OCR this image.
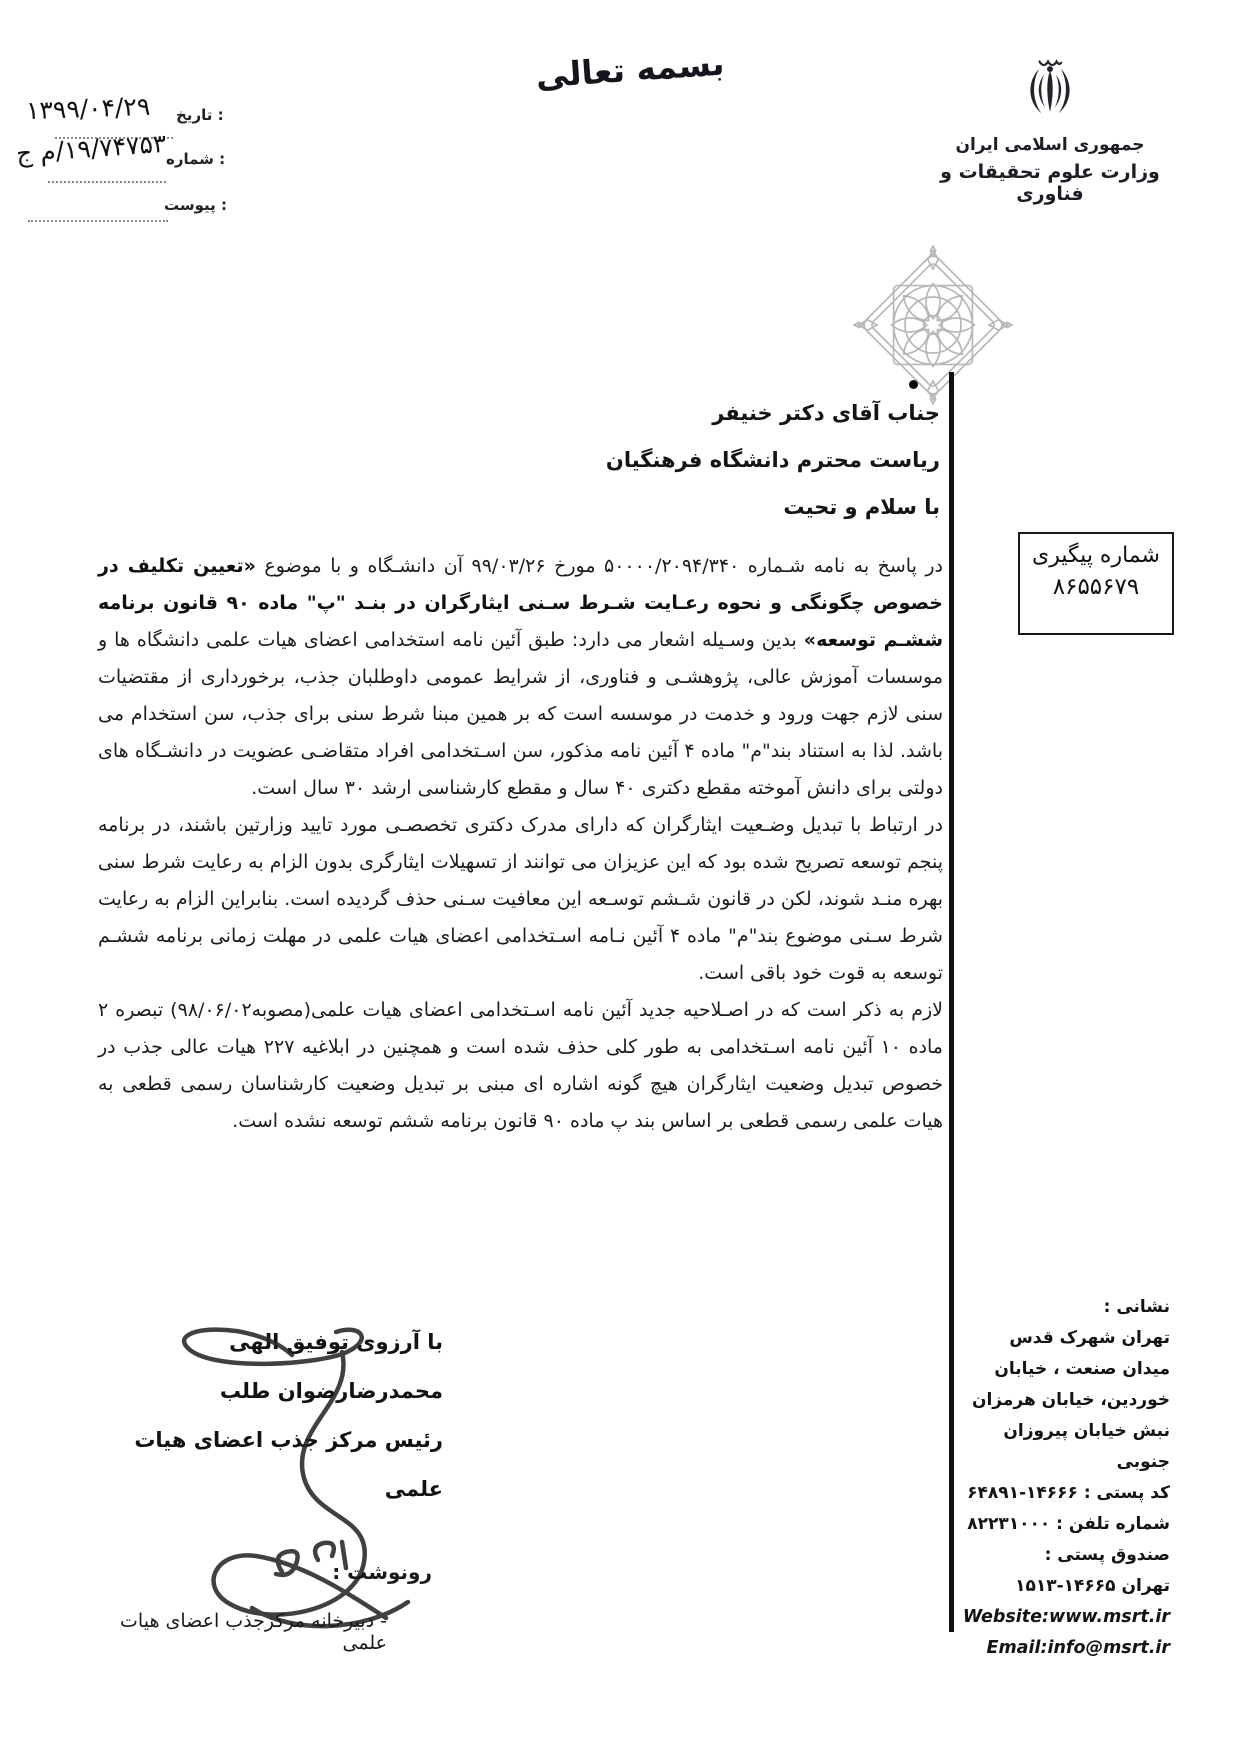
۱۳۹۹/۰۴/۲۹ تاریخ :
۱۹/۷۴۷۵۳/م ج
شماره :
پیوست :
بسمه تعالی
جمهوری اسلامی ایران
وزارت علوم تحقیقات و فناوری
شماره پیگیری
۸۶۵۵۶۷۹
جناب آقای دکتر خنیفر
ریاست محترم دانشگاه فرهنگیان
با سلام و تحیت

در پاسخ به نامه شـماره ۵۰۰۰۰/۲۰۹۴/۳۴۰ مورخ ۹۹/۰۳/۲۶ آن دانشـگاه و با موضوع «تعیین تکلیف در خصوص چگونگی و نحوه رعـایت شـرط سـنی ایثارگران در بنـد "پ" ماده ۹۰ قانون برنامه ششـم توسعه» بدین وسـیله اشعار می دارد: طبق آئین نامه استخدامی اعضای هیات علمی دانشگاه ها و موسسات آموزش عالی، پژوهشـی و فناوری، از شرایط عمومی داوطلبان جذب، برخورداری از مقتضیات سنی لازم جهت ورود و خدمت در موسسه است که بر همین مبنا شرط سنی برای جذب، سن استخدام می باشد. لذا به استناد بند"م" ماده ۴ آئین نامه مذکور، سن اسـتخدامی افراد متقاضـی عضویت در دانشـگاه های دولتی برای دانش آموخته مقطع دکتری ۴۰ سال و مقطع کارشناسی ارشد ۳۰ سال است.

در ارتباط با تبدیل وضـعیت ایثارگران که دارای مدرک دکتری تخصصـی مورد تایید وزارتین باشند، در برنامه پنجم توسعه تصریح شده بود که این عزیزان می توانند از تسهیلات ایثارگری بدون الزام به رعایت شرط سنی بهره منـد شوند، لکن در قانون شـشم توسـعه این معافیت سـنی حذف گردیده است. بنابراین الزام به رعایت شرط سـنی موضوع بند"م" ماده ۴ آئین نـامه اسـتخدامی اعضای هیات علمی در مهلت زمانی برنامه ششـم توسعه به قوت خود باقی است.

لازم به ذکر است که در اصـلاحیه جدید آئین نامه اسـتخدامی اعضای هیات علمی(مصوبه۹۸/۰۶/۰۲) تبصره ۲ ماده ۱۰ آئین نامه اسـتخدامی به طور کلی حذف شده است و همچنین در ابلاغیه ۲۲۷ هیات عالی جذب در خصوص تبدیل وضعیت ایثارگران هیچ گونه اشاره ای مبنی بر تبدیل وضعیت کارشناسان رسمی قطعی به هیات علمی رسمی قطعی بر اساس بند پ ماده ۹۰ قانون برنامه ششم توسعه نشده است.

با آرزوی توفیق الهی
محمدرضارضوان طلب
رئیس مرکز جذب اعضای هیات علمی
نشانی :
تهران شهرک قدس
میدان صنعت ، خیابان
خوردین، خیابان هرمزان
نبش خیابان پیروزان جنوبی
کد پستی : ۱۴۶۶۶-۶۴۸۹۱
شماره تلفن : ۸۲۲۳۱۰۰۰
صندوق پستی :
تهران ۱۴۶۶۵-۱۵۱۳
Website:www.msrt.ir
Email:info@msrt.ir
رونوشت :
- دبیرخانه مرکزجذب اعضای هیات علمی
